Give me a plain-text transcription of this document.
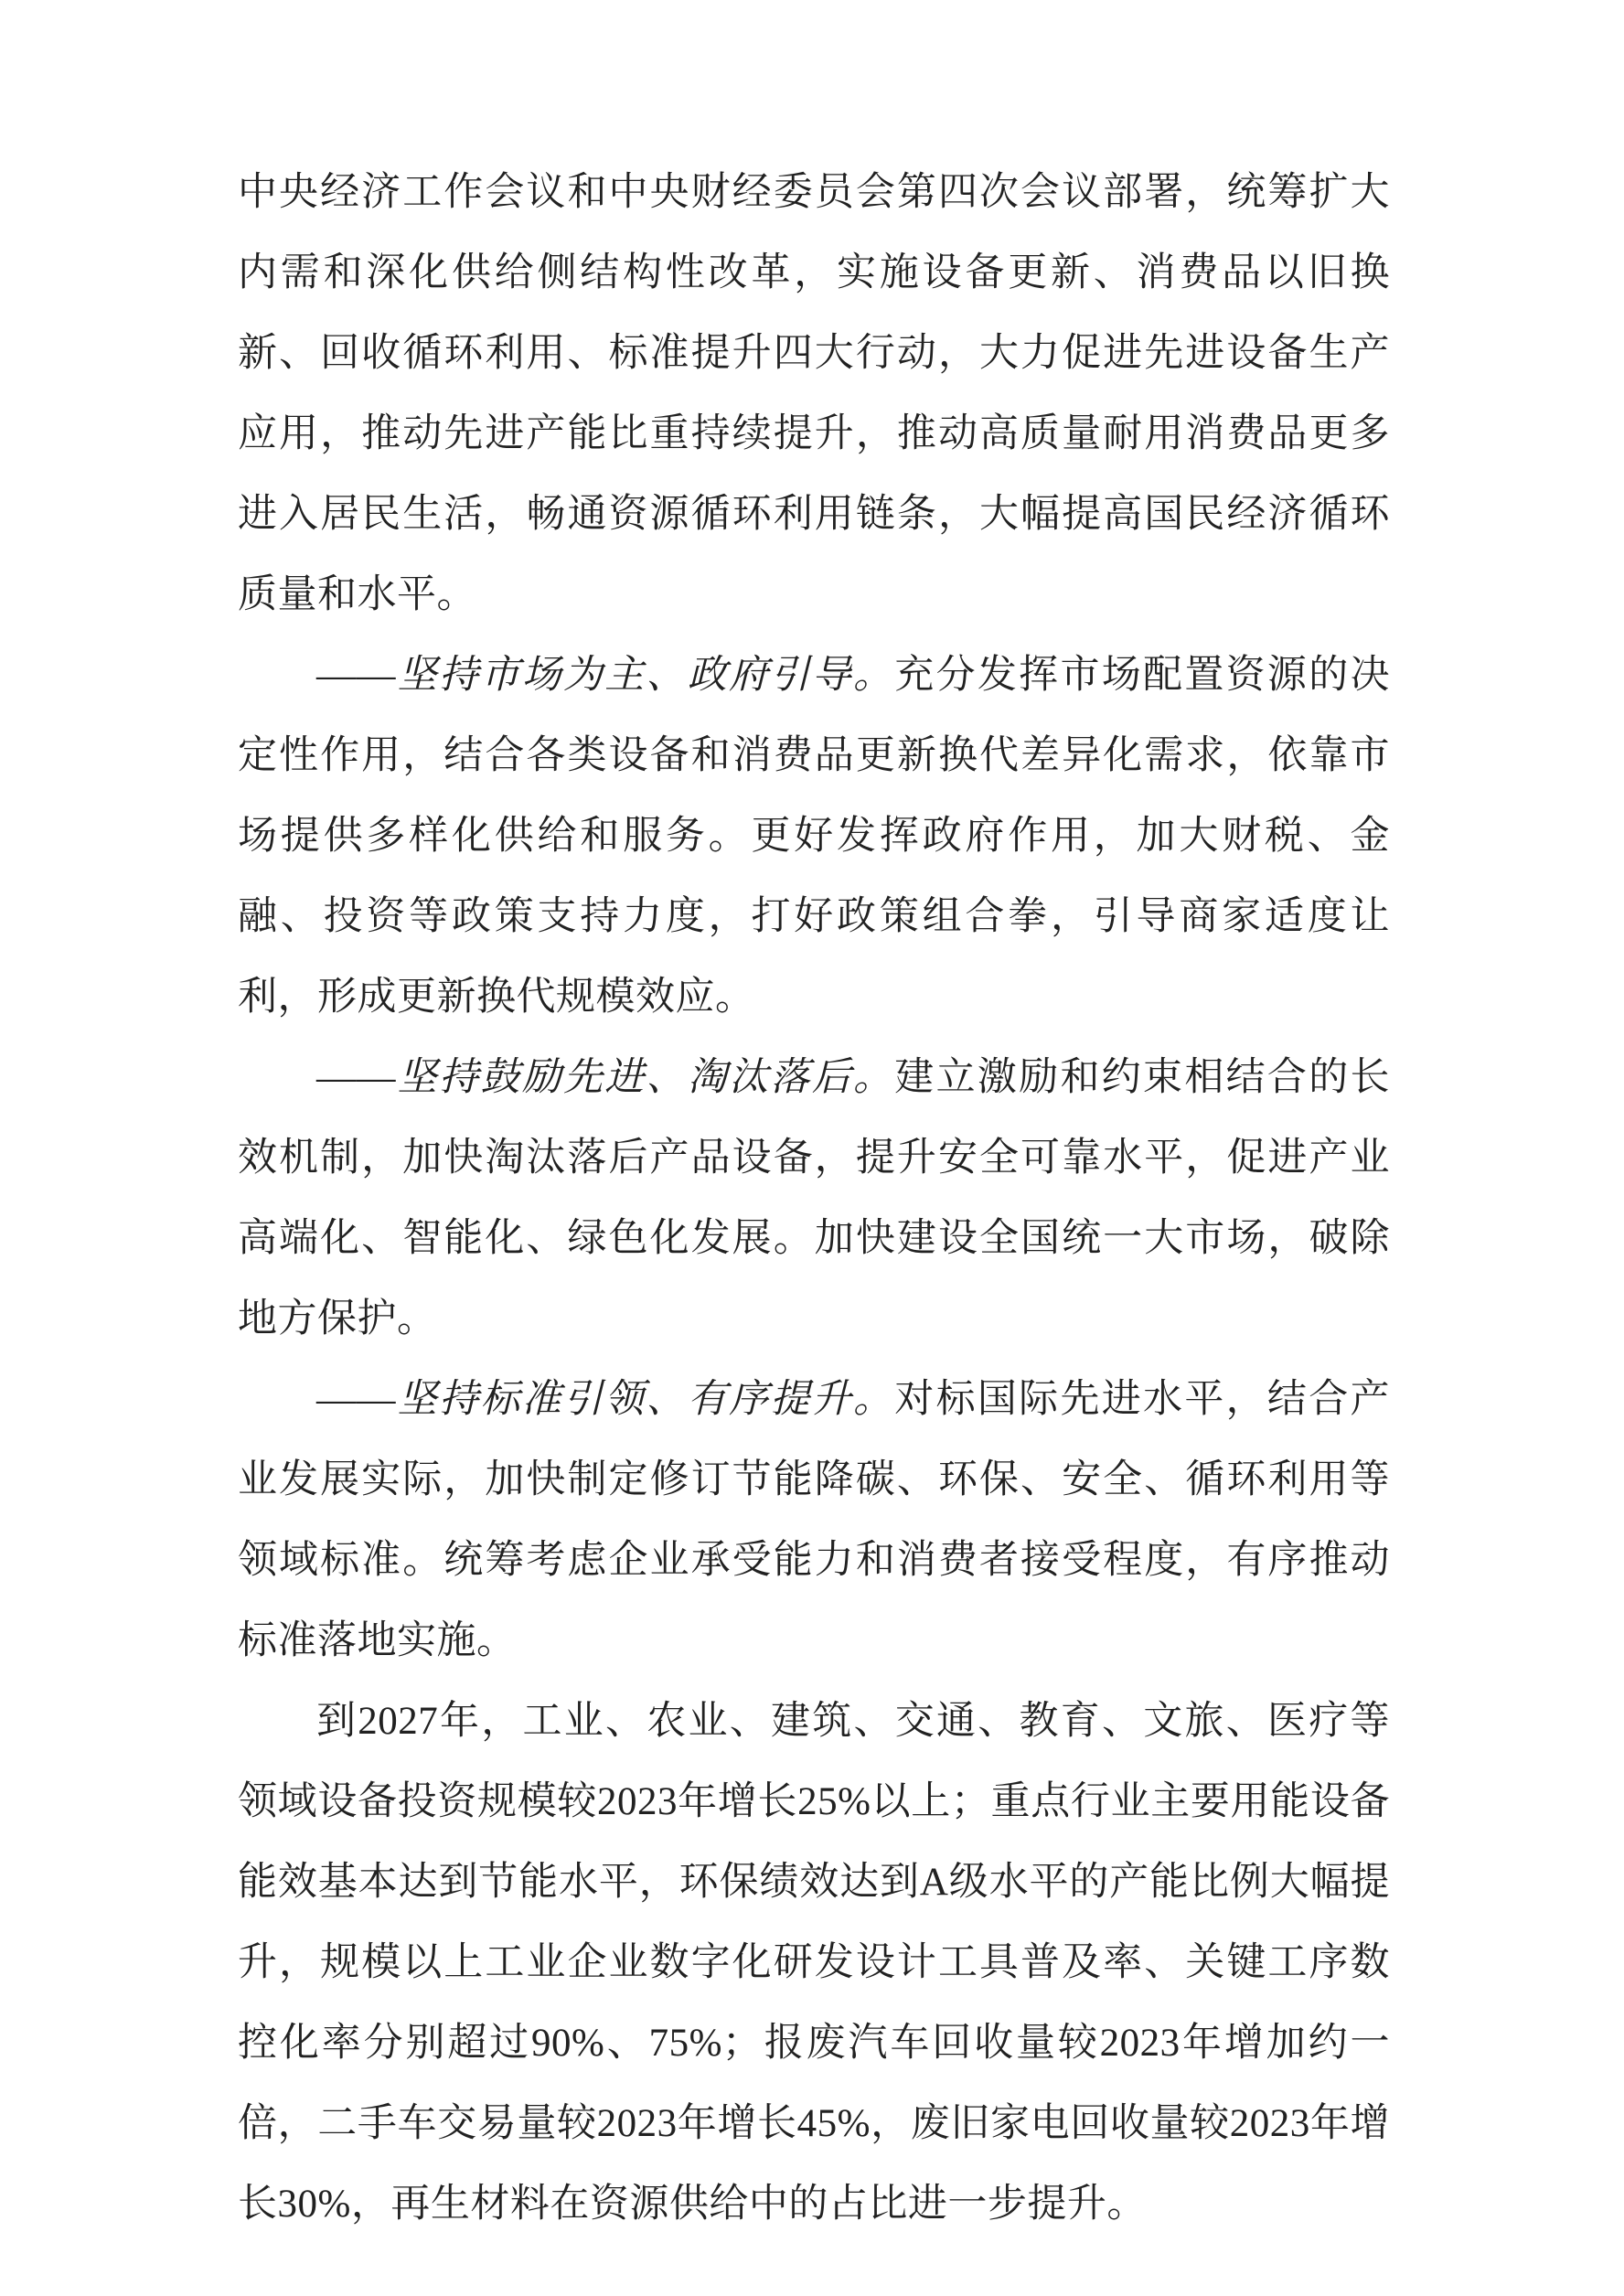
中央经济工作会议和中央财经委员会第四次会议部署，统筹扩大内需和深化供给侧结构性改革，实施设备更新、消费品以旧换新、回收循环利用、标准提升四大行动，大力促进先进设备生产应用，推动先进产能比重持续提升，推动高质量耐用消费品更多进入居民生活，畅通资源循环利用链条，大幅提高国民经济循环质量和水平。

——坚持市场为主、政府引导。充分发挥市场配置资源的决定性作用，结合各类设备和消费品更新换代差异化需求，依靠市场提供多样化供给和服务。更好发挥政府作用，加大财税、金融、投资等政策支持力度，打好政策组合拳，引导商家适度让利，形成更新换代规模效应。

——坚持鼓励先进、淘汰落后。建立激励和约束相结合的长效机制，加快淘汰落后产品设备，提升安全可靠水平，促进产业高端化、智能化、绿色化发展。加快建设全国统一大市场，破除地方保护。

——坚持标准引领、有序提升。对标国际先进水平，结合产业发展实际，加快制定修订节能降碳、环保、安全、循环利用等领域标准。统筹考虑企业承受能力和消费者接受程度，有序推动标准落地实施。

到2027年，工业、农业、建筑、交通、教育、文旅、医疗等领域设备投资规模较2023年增长25%以上；重点行业主要用能设备能效基本达到节能水平，环保绩效达到A级水平的产能比例大幅提升，规模以上工业企业数字化研发设计工具普及率、关键工序数控化率分别超过90%、75%；报废汽车回收量较2023年增加约一倍，二手车交易量较2023年增长45%，废旧家电回收量较2023年增长30%，再生材料在资源供给中的占比进一步提升。
